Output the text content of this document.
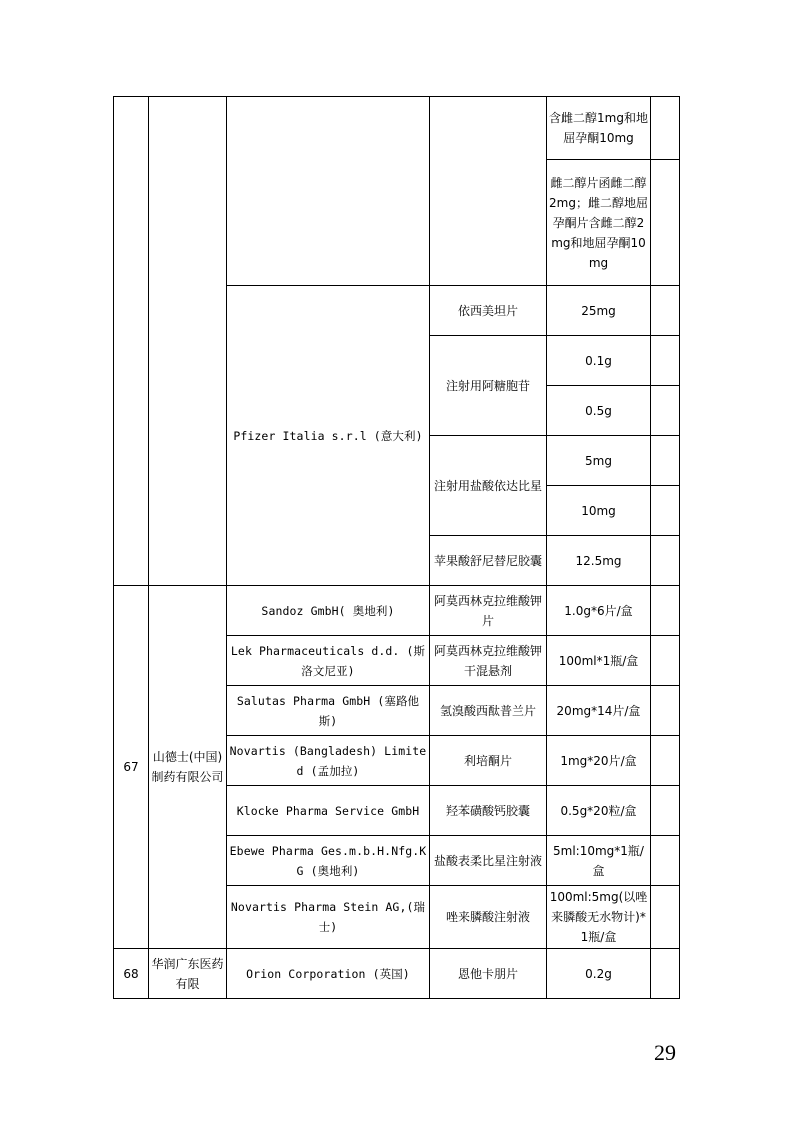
				含雌二醇1mg和地屈孕酮10mg	
				雌二醇片函雌二醇2mg；雌二醇地屈孕酮片含雌二醇2mg和地屈孕酮10mg	
		Pfizer Italia s.r.l (意大利)	依西美坦片	25mg	
			注射用阿糖胞苷	0.1g	
				0.5g	
			注射用盐酸依达比星	5mg	
				10mg	
			苹果酸舒尼替尼胶囊	12.5mg	
67	山德士(中国)制药有限公司	Sandoz GmbH( 奥地利)	阿莫西林克拉维酸钾片	1.0g*6片/盒	
		Lek Pharmaceuticals d.d. (斯洛文尼亚)	阿莫西林克拉维酸钾干混悬剂	100ml*1瓶/盒	
		Salutas Pharma GmbH (塞路他斯)	氢溴酸西酞普兰片	20mg*14片/盒	
		Novartis (Bangladesh) Limited (孟加拉)	利培酮片	1mg*20片/盒	
		Klocke Pharma Service GmbH	羟苯磺酸钙胶囊	0.5g*20粒/盒	
		Ebewe Pharma Ges.m.b.H.Nfg.KG (奥地利)	盐酸表柔比星注射液	5ml:10mg*1瓶/盒	
		Novartis Pharma Stein AG,(瑞士)	唑来膦酸注射液	100ml:5mg(以唑来膦酸无水物计)*1瓶/盒	
68	华润广东医药有限	Orion Corporation (英国)	恩他卡朋片	0.2g	
29
